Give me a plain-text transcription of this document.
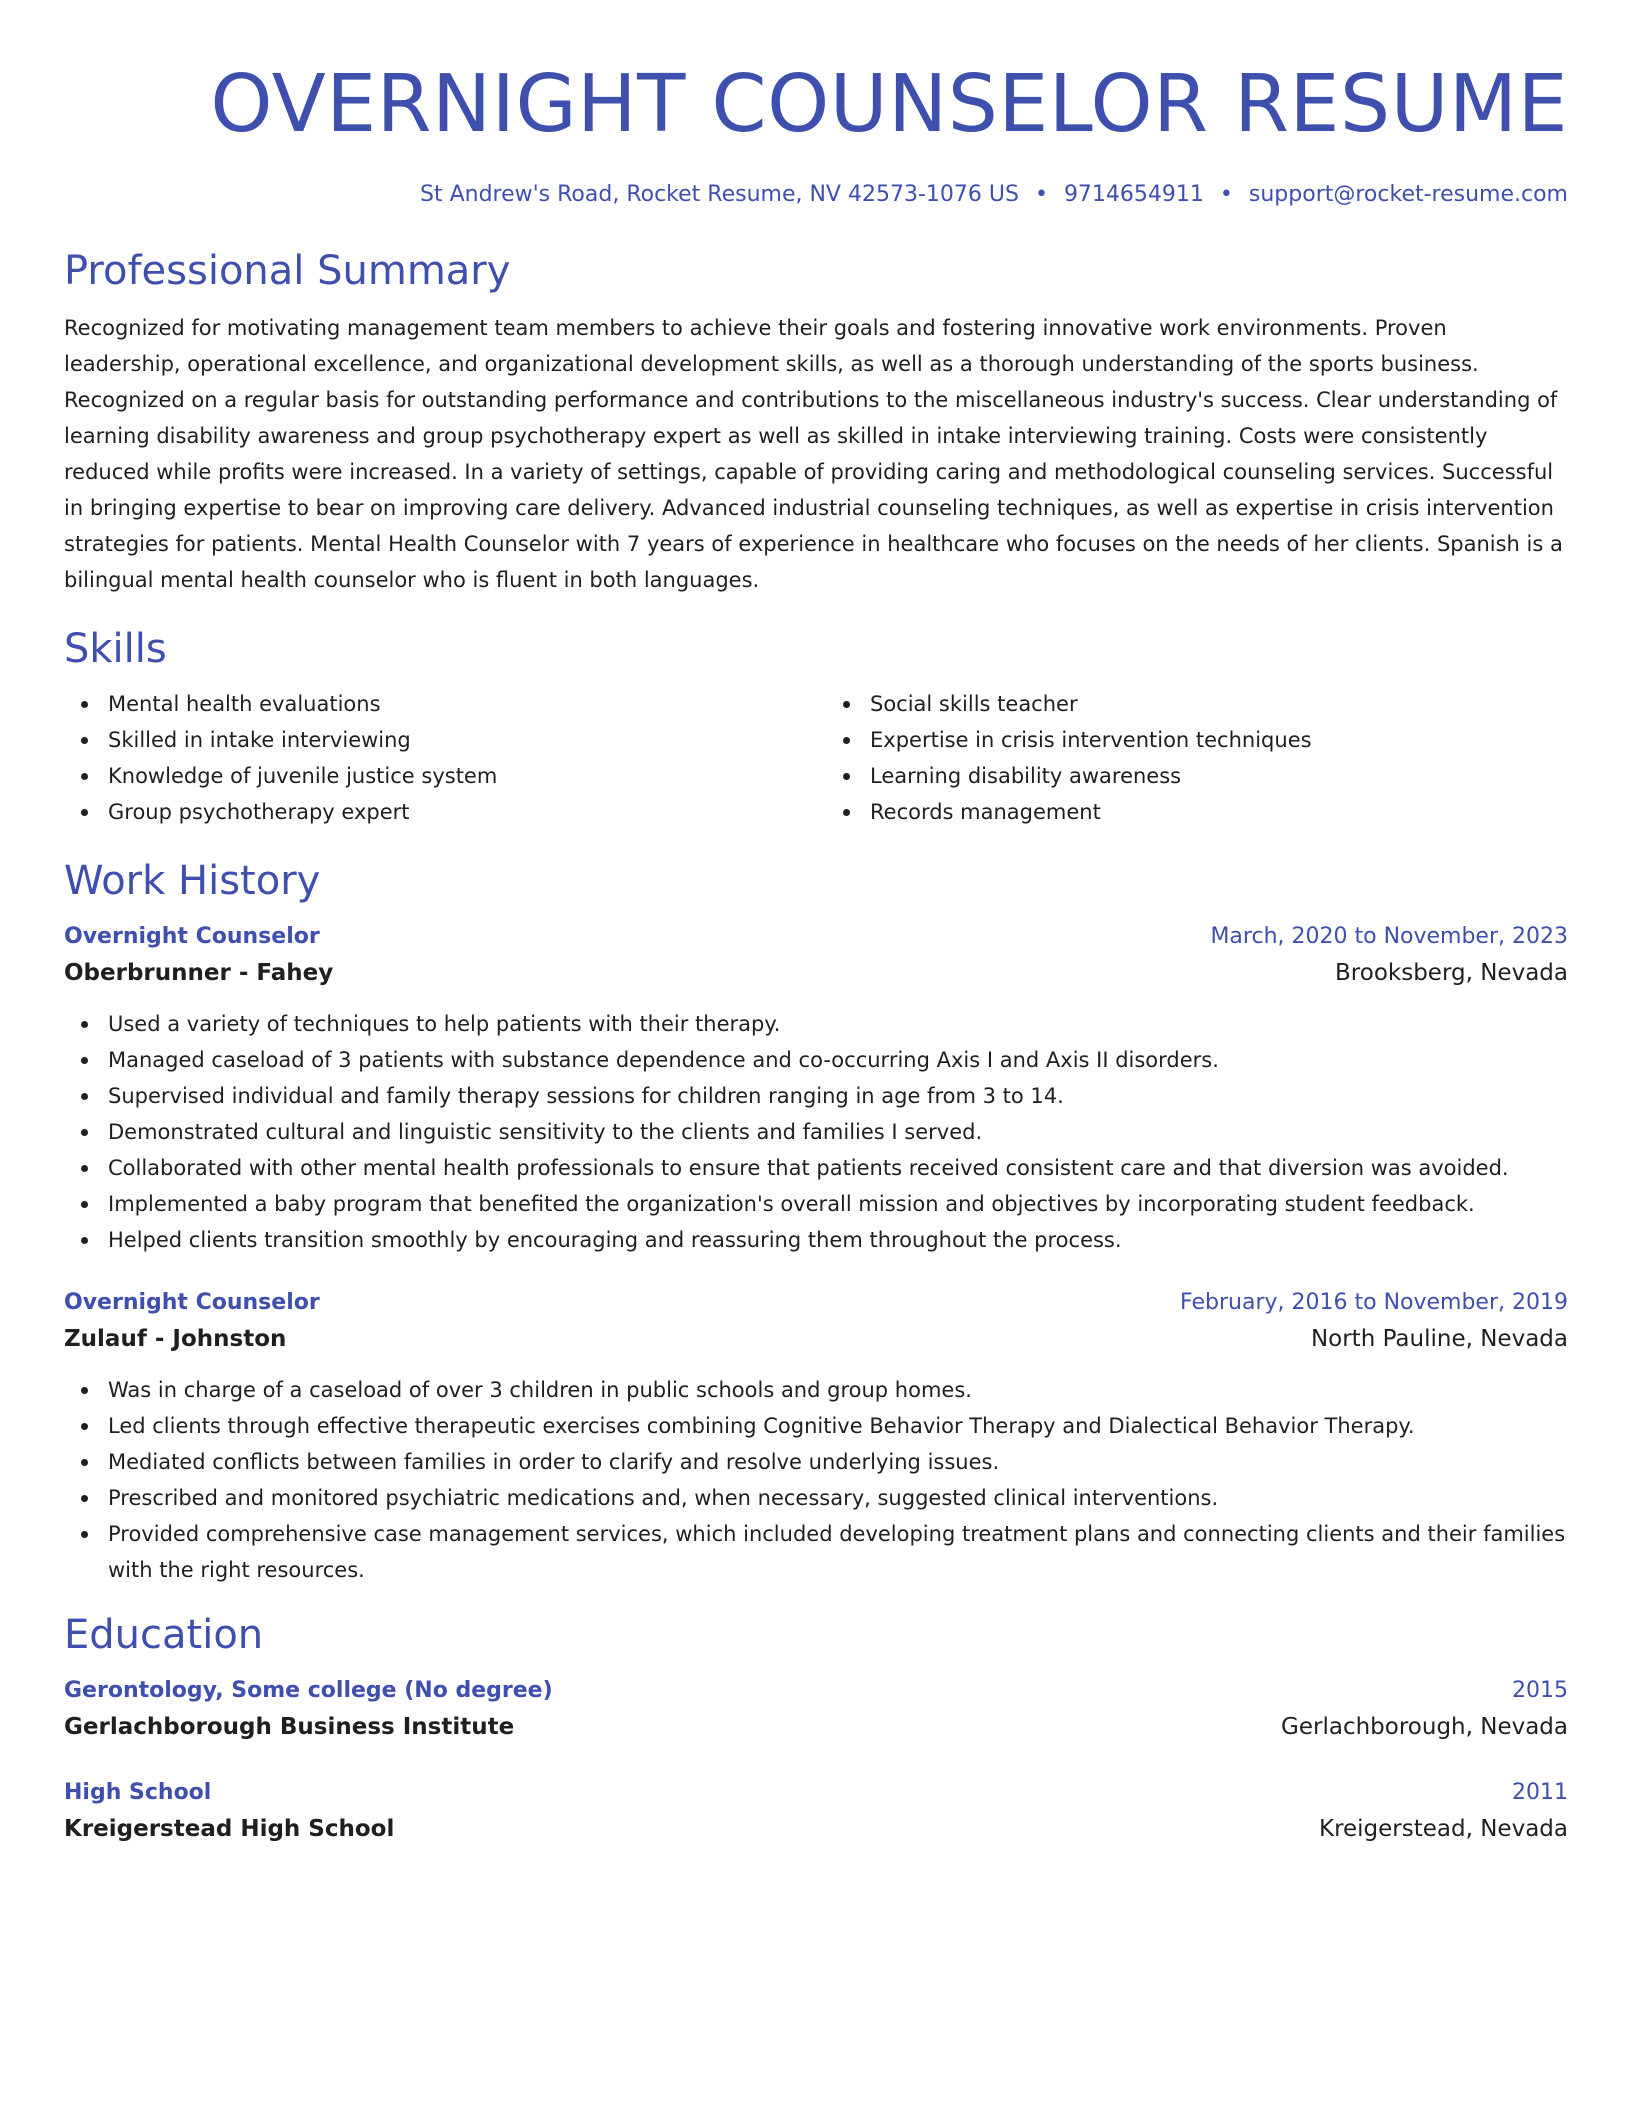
OVERNIGHT COUNSELOR RESUME
St Andrew's Road, Rocket Resume, NV 42573-1076 US • 9714654911 • support@rocket-resume.com
Professional Summary
Recognized for motivating management team members to achieve their goals and fostering innovative work environments. Proven leadership, operational excellence, and organizational development skills, as well as a thorough understanding of the sports business. Recognized on a regular basis for outstanding performance and contributions to the miscellaneous industry's success. Clear understanding of learning disability awareness and group psychotherapy expert as well as skilled in intake interviewing training. Costs were consistently reduced while profits were increased. In a variety of settings, capable of providing caring and methodological counseling services. Successful in bringing expertise to bear on improving care delivery. Advanced industrial counseling techniques, as well as expertise in crisis intervention strategies for patients. Mental Health Counselor with 7 years of experience in healthcare who focuses on the needs of her clients. Spanish is a bilingual mental health counselor who is fluent in both languages.
Skills
Mental health evaluations
Skilled in intake interviewing
Knowledge of juvenile justice system
Group psychotherapy expert
Social skills teacher
Expertise in crisis intervention techniques
Learning disability awareness
Records management
Work History
Overnight Counselor	March, 2020 to November, 2023
Oberbrunner - Fahey	Brooksberg, Nevada
Used a variety of techniques to help patients with their therapy.
Managed caseload of 3 patients with substance dependence and co-occurring Axis I and Axis II disorders.
Supervised individual and family therapy sessions for children ranging in age from 3 to 14.
Demonstrated cultural and linguistic sensitivity to the clients and families I served.
Collaborated with other mental health professionals to ensure that patients received consistent care and that diversion was avoided.
Implemented a baby program that benefited the organization's overall mission and objectives by incorporating student feedback.
Helped clients transition smoothly by encouraging and reassuring them throughout the process.
Overnight Counselor	February, 2016 to November, 2019
Zulauf - Johnston	North Pauline, Nevada
Was in charge of a caseload of over 3 children in public schools and group homes.
Led clients through effective therapeutic exercises combining Cognitive Behavior Therapy and Dialectical Behavior Therapy.
Mediated conflicts between families in order to clarify and resolve underlying issues.
Prescribed and monitored psychiatric medications and, when necessary, suggested clinical interventions.
Provided comprehensive case management services, which included developing treatment plans and connecting clients and their families with the right resources.
Education
Gerontology, Some college (No degree)	2015
Gerlachborough Business Institute	Gerlachborough, Nevada
High School	2011
Kreigerstead High School	Kreigerstead, Nevada
